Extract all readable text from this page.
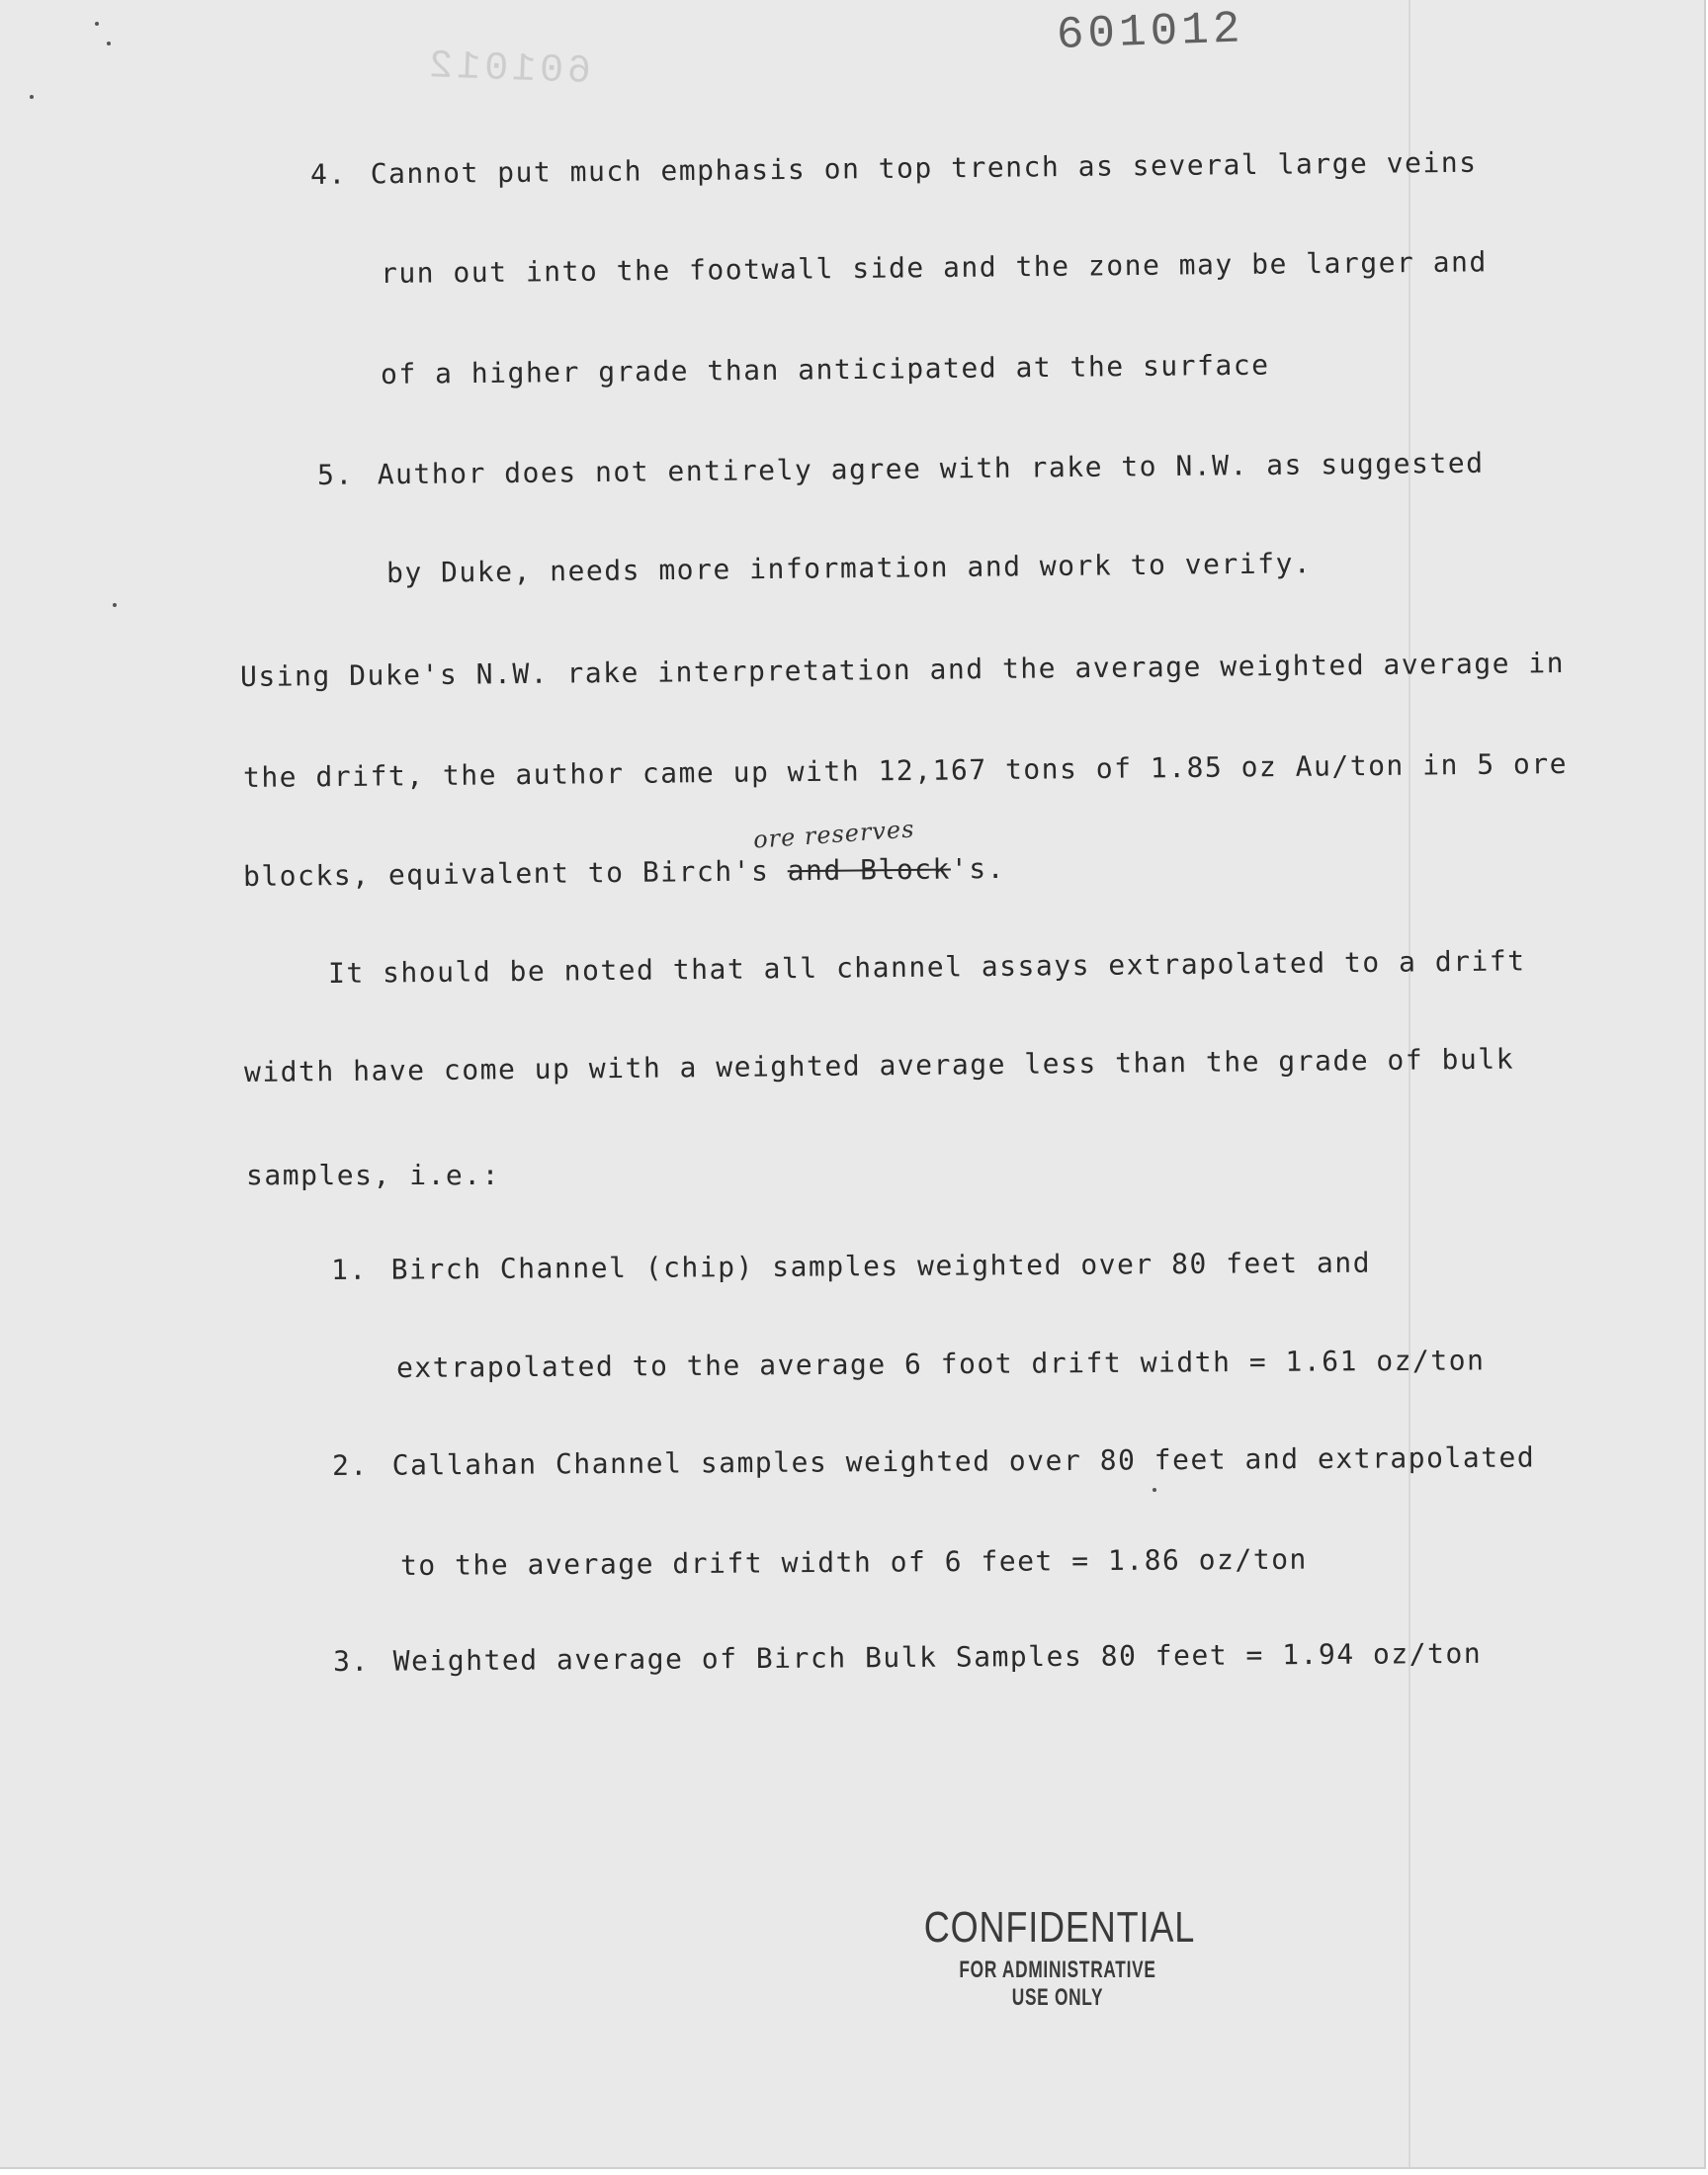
601012
601012
4. Cannot put much emphasis on top trench as several large veins
run out into the footwall side and the zone may be larger and
of a higher grade than anticipated at the surface
5. Author does not entirely agree with rake to N.W. as suggested
by Duke, needs more information and work to verify.
Using Duke's N.W. rake interpretation and the average weighted average in
the drift, the author came up with 12,167 tons of 1.85 oz Au/ton in 5 ore
ore reserves
blocks, equivalent to Birch's and Block's.
It should be noted that all channel assays extrapolated to a drift
width have come up with a weighted average less than the grade of bulk
samples, i.e.:
1. Birch Channel (chip) samples weighted over 80 feet and
extrapolated to the average 6 foot drift width = 1.61 oz/ton
2. Callahan Channel samples weighted over 80 feet and extrapolated
to the average drift width of 6 feet = 1.86 oz/ton
3. Weighted average of Birch Bulk Samples 80 feet = 1.94 oz/ton
CONFIDENTIAL
FOR ADMINISTRATIVE USE ONLY
